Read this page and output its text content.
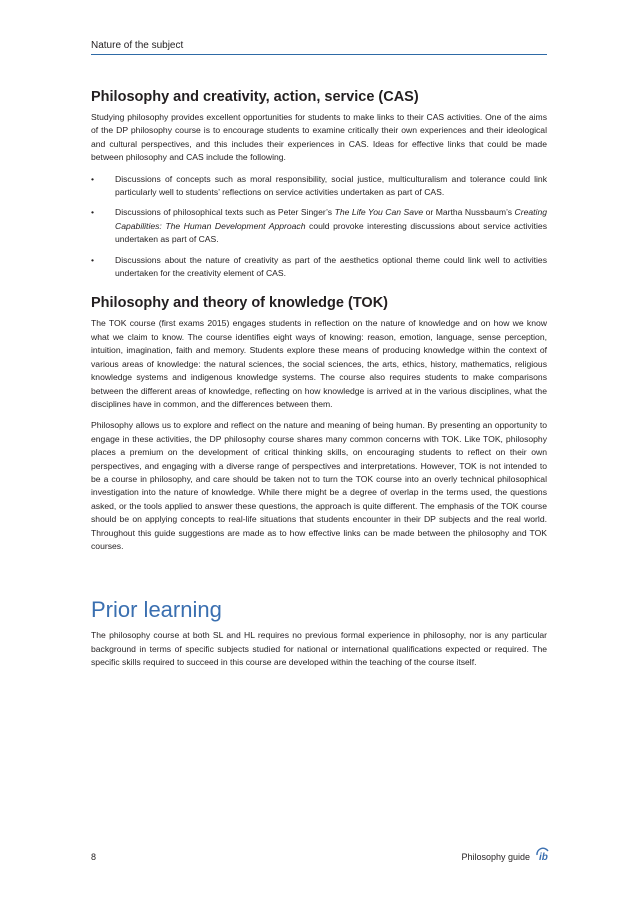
Nature of the subject
Philosophy and creativity, action, service (CAS)

Studying philosophy provides excellent opportunities for students to make links to their CAS activities. One of the aims of the DP philosophy course is to encourage students to examine critically their own experiences and their ideological and cultural perspectives, and this includes their experiences in CAS. Ideas for effective links that could be made between philosophy and CAS include the following.

• Discussions of concepts such as moral responsibility, social justice, multiculturalism and tolerance could link particularly well to students’ reflections on service activities undertaken as part of CAS.
• Discussions of philosophical texts such as Peter Singer’s The Life You Can Save or Martha Nussbaum’s Creating Capabilities: The Human Development Approach could provoke interesting discussions about service activities undertaken as part of CAS.
• Discussions about the nature of creativity as part of the aesthetics optional theme could link well to activities undertaken for the creativity element of CAS.
Philosophy and theory of knowledge (TOK)

The TOK course (first exams 2015) engages students in reflection on the nature of knowledge and on how we know what we claim to know. The course identifies eight ways of knowing: reason, emotion, language, sense perception, intuition, imagination, faith and memory. Students explore these means of producing knowledge within the context of various areas of knowledge: the natural sciences, the social sciences, the arts, ethics, history, mathematics, religious knowledge systems and indigenous knowledge systems. The course also requires students to make comparisons between the different areas of knowledge, reflecting on how knowledge is arrived at in the various disciplines, what the disciplines have in common, and the differences between them.

Philosophy allows us to explore and reflect on the nature and meaning of being human. By presenting an opportunity to engage in these activities, the DP philosophy course shares many common concerns with TOK. Like TOK, philosophy places a premium on the development of critical thinking skills, on encouraging students to reflect on their own perspectives, and engaging with a diverse range of perspectives and interpretations. However, TOK is not intended to be a course in philosophy, and care should be taken not to turn the TOK course into an overly technical philosophical investigation into the nature of knowledge. While there might be a degree of overlap in the terms used, the questions asked, or the tools applied to answer these questions, the approach is quite different. The emphasis of the TOK course should be on applying concepts to real-life situations that students encounter in their DP subjects and the real world. Throughout this guide suggestions are made as to how effective links can be made between the philosophy and TOK courses.

Prior learning

The philosophy course at both SL and HL requires no previous formal experience in philosophy, nor is any particular background in terms of specific subjects studied for national or international qualifications expected or required. The specific skills required to succeed in this course are developed within the teaching of the course itself.

8	Philosophy guide ib
